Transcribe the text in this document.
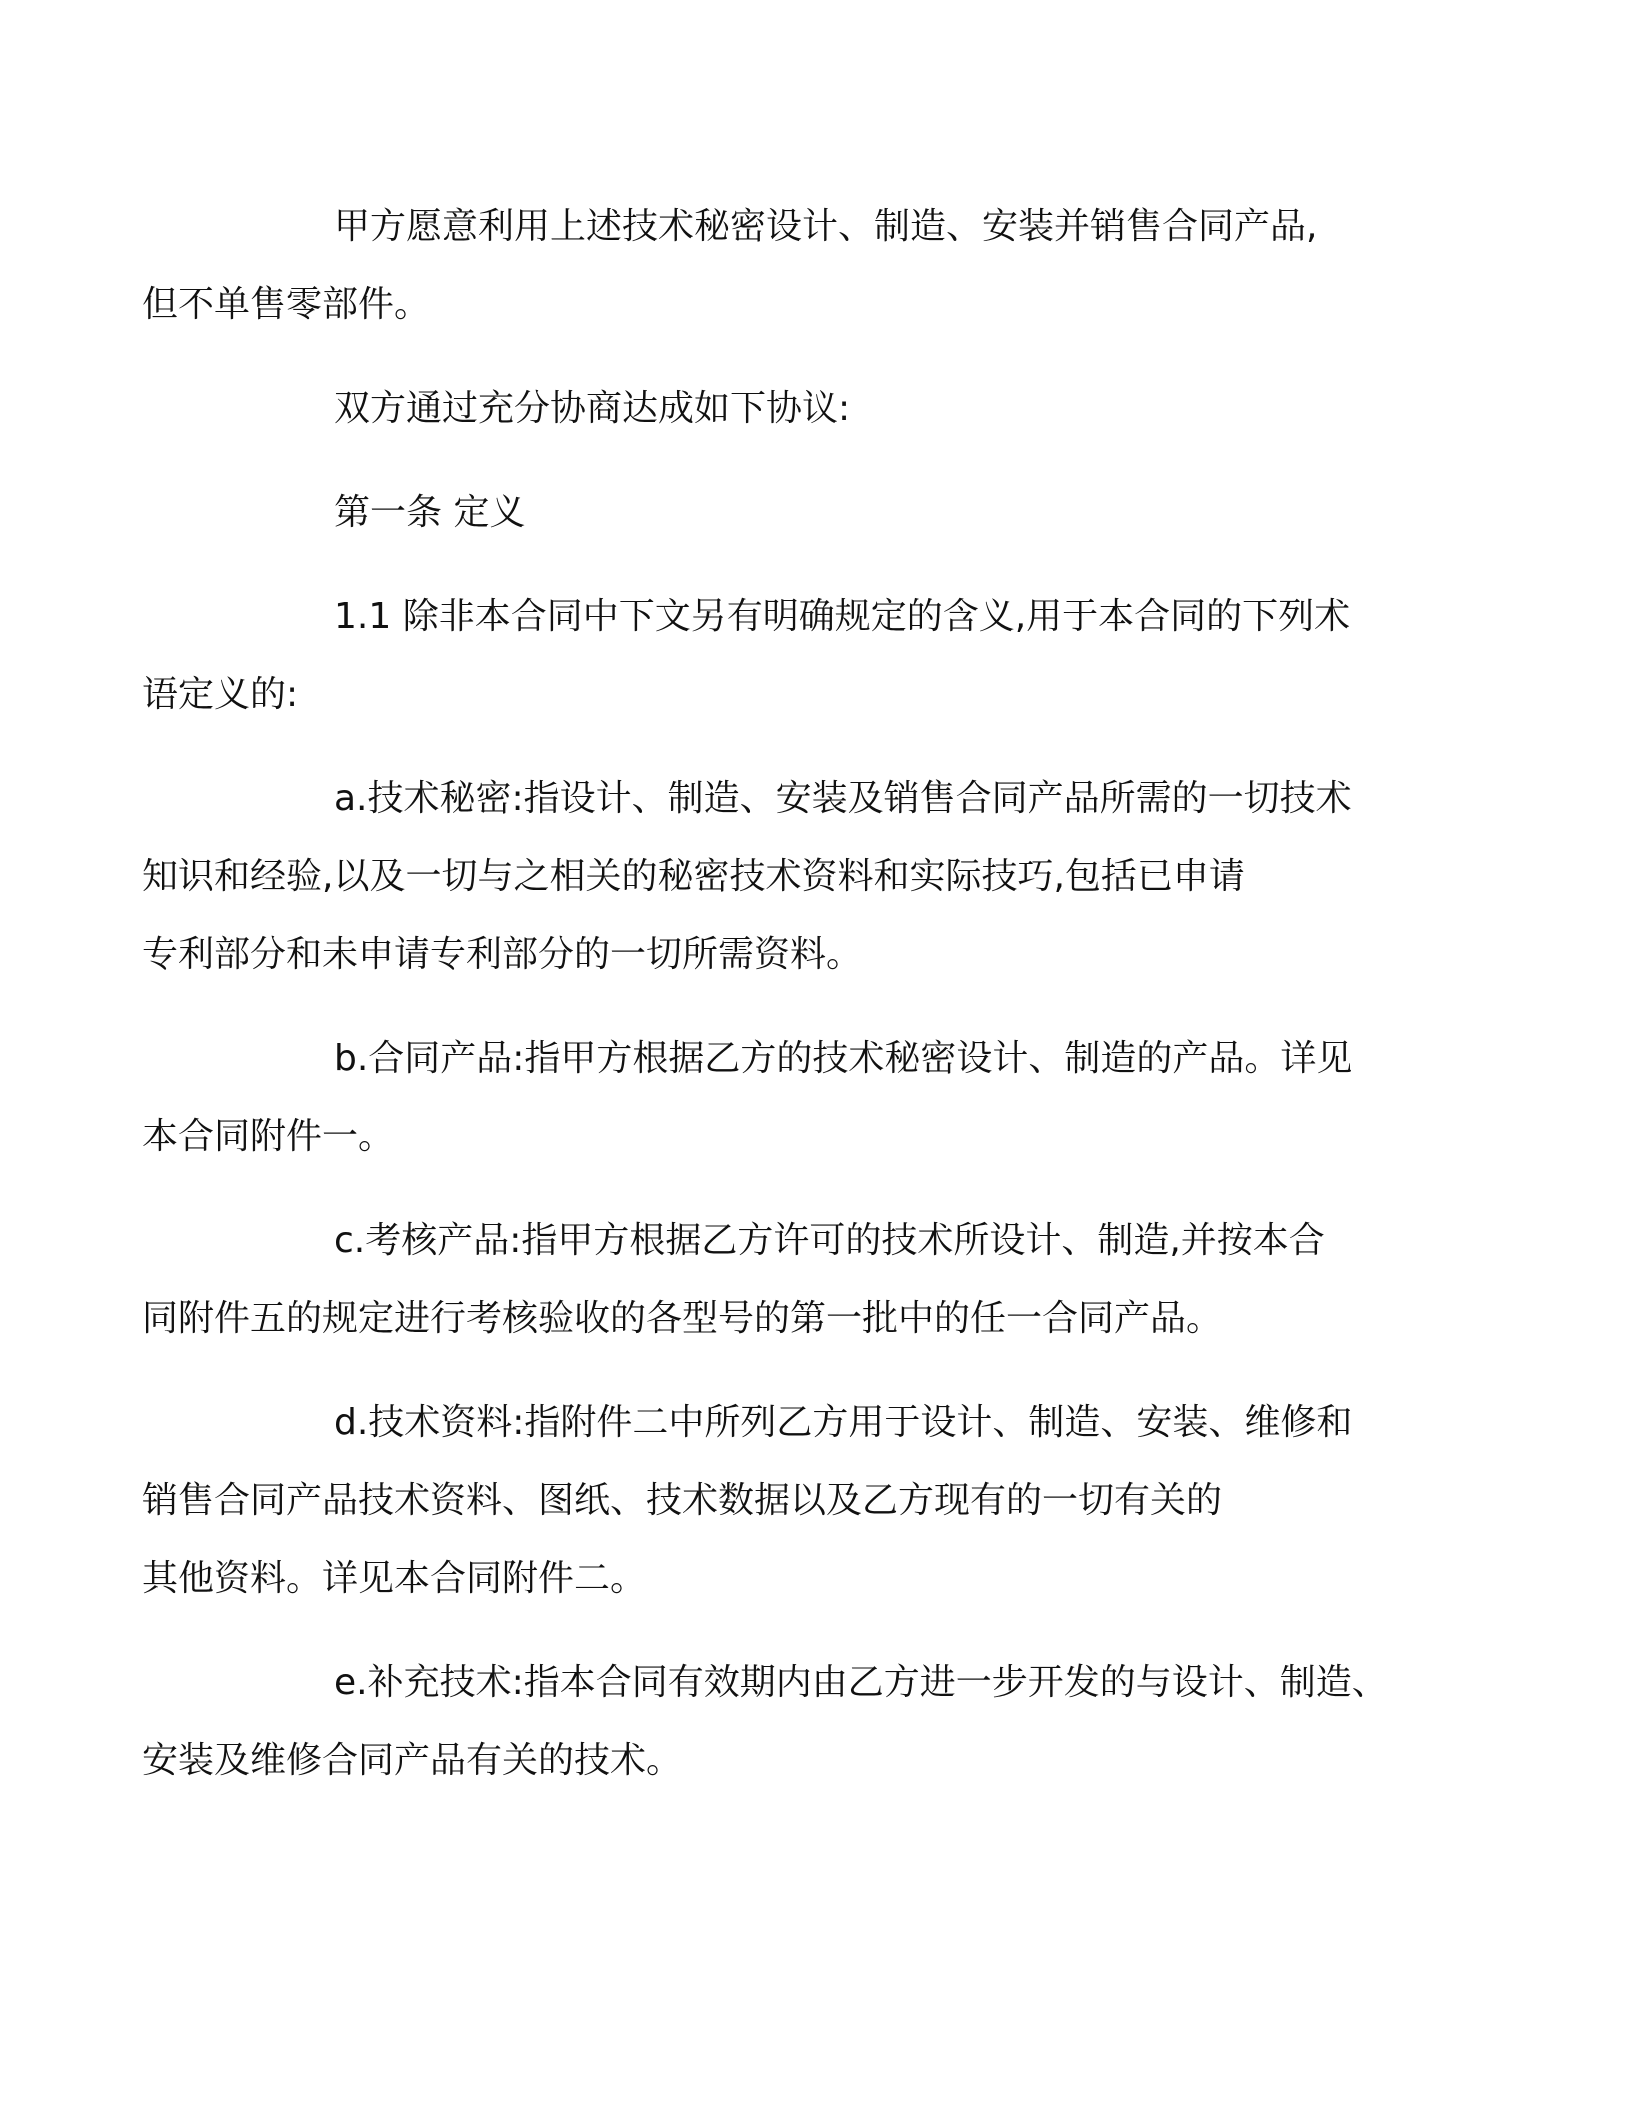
甲方愿意利用上述技术秘密设计、制造、安装并销售合同产品,
但不单售零部件。
双方通过充分协商达成如下协议:
第一条 定义
1.1 除非本合同中下文另有明确规定的含义,用于本合同的下列术
语定义的:
a.技术秘密:指设计、制造、安装及销售合同产品所需的一切技术
知识和经验,以及一切与之相关的秘密技术资料和实际技巧,包括已申请
专利部分和未申请专利部分的一切所需资料。
b.合同产品:指甲方根据乙方的技术秘密设计、制造的产品。详见
本合同附件一。
c.考核产品:指甲方根据乙方许可的技术所设计、制造,并按本合
同附件五的规定进行考核验收的各型号的第一批中的任一合同产品。
d.技术资料:指附件二中所列乙方用于设计、制造、安装、维修和
销售合同产品技术资料、图纸、技术数据以及乙方现有的一切有关的
其他资料。详见本合同附件二。
e.补充技术:指本合同有效期内由乙方进一步开发的与设计、制造、
安装及维修合同产品有关的技术。
